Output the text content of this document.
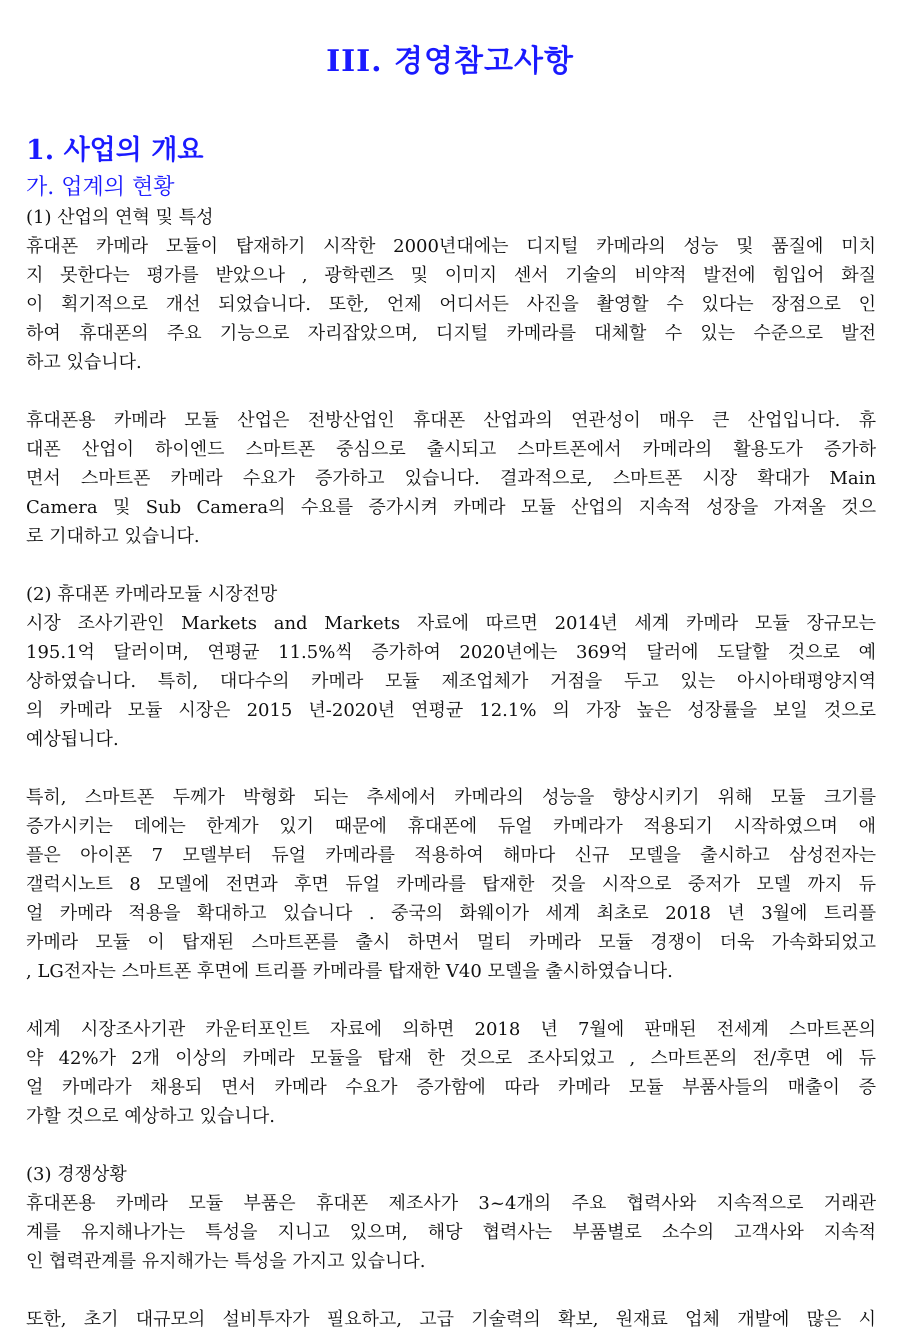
III. 경영참고사항
1. 사업의 개요
가. 업계의 현황

(1) 산업의 연혁 및 특성

휴대폰 카메라 모듈이 탑재하기 시작한 2000년대에는 디지털 카메라의 성능 및 품질에 미치
지 못한다는 평가를 받았으나 , 광학렌즈 및 이미지 센서 기술의 비약적 발전에 힘입어 화질
이 획기적으로 개선 되었습니다. 또한, 언제 어디서든 사진을 촬영할 수 있다는 장점으로 인
하여 휴대폰의 주요 기능으로 자리잡았으며, 디지털 카메라를 대체할 수 있는 수준으로 발전
하고 있습니다.

휴대폰용 카메라 모듈 산업은 전방산업인 휴대폰 산업과의 연관성이 매우 큰 산업입니다. 휴
대폰 산업이 하이엔드 스마트폰 중심으로 출시되고 스마트폰에서 카메라의 활용도가 증가하
면서 스마트폰 카메라 수요가 증가하고 있습니다. 결과적으로, 스마트폰 시장 확대가 Main
Camera 및 Sub Camera의 수요를 증가시켜 카메라 모듈 산업의 지속적 성장을 가져올 것으
로 기대하고 있습니다.

(2) 휴대폰 카메라모듈 시장전망

시장 조사기관인 Markets and Markets 자료에 따르면 2014년 세계 카메라 모듈 장규모는
195.1억 달러이며, 연평균 11.5%씩 증가하여 2020년에는 369억 달러에 도달할 것으로 예
상하였습니다. 특히, 대다수의 카메라 모듈 제조업체가 거점을 두고 있는 아시아태평양지역
의 카메라 모듈 시장은 2015 년-2020년 연평균 12.1% 의 가장 높은 성장률을 보일 것으로
예상됩니다.

특히, 스마트폰 두께가 박형화 되는 추세에서 카메라의 성능을 향상시키기 위해 모듈 크기를
증가시키는 데에는 한계가 있기 때문에 휴대폰에 듀얼 카메라가 적용되기 시작하였으며 애
플은 아이폰 7 모델부터 듀얼 카메라를 적용하여 해마다 신규 모델을 출시하고 삼성전자는
갤럭시노트 8 모델에 전면과 후면 듀얼 카메라를 탑재한 것을 시작으로 중저가 모델 까지 듀
얼 카메라 적용을 확대하고 있습니다 . 중국의 화웨이가 세계 최초로 2018 년 3월에 트리플
카메라 모듈 이 탑재된 스마트폰를 출시 하면서 멀티 카메라 모듈 경쟁이 더욱 가속화되었고
, LG전자는 스마트폰 후면에 트리플 카메라를 탑재한 V40 모델을 출시하였습니다.

세계 시장조사기관 카운터포인트 자료에 의하면 2018 년 7월에 판매된 전세계 스마트폰의
약 42%가 2개 이상의 카메라 모듈을 탑재 한 것으로 조사되었고 , 스마트폰의 전/후면 에 듀
얼 카메라가 채용되 면서 카메라 수요가 증가함에 따라 카메라 모듈 부품사들의 매출이 증
가할 것으로 예상하고 있습니다.

(3) 경쟁상황

휴대폰용 카메라 모듈 부품은 휴대폰 제조사가 3~4개의 주요 협력사와 지속적으로 거래관
계를 유지해나가는 특성을 지니고 있으며, 해당 협력사는 부품별로 소수의 고객사와 지속적
인 협력관계를 유지해가는 특성을 가지고 있습니다.

또한, 초기 대규모의 설비투자가 필요하고, 고급 기술력의 확보, 원재료 업체 개발에 많은 시
